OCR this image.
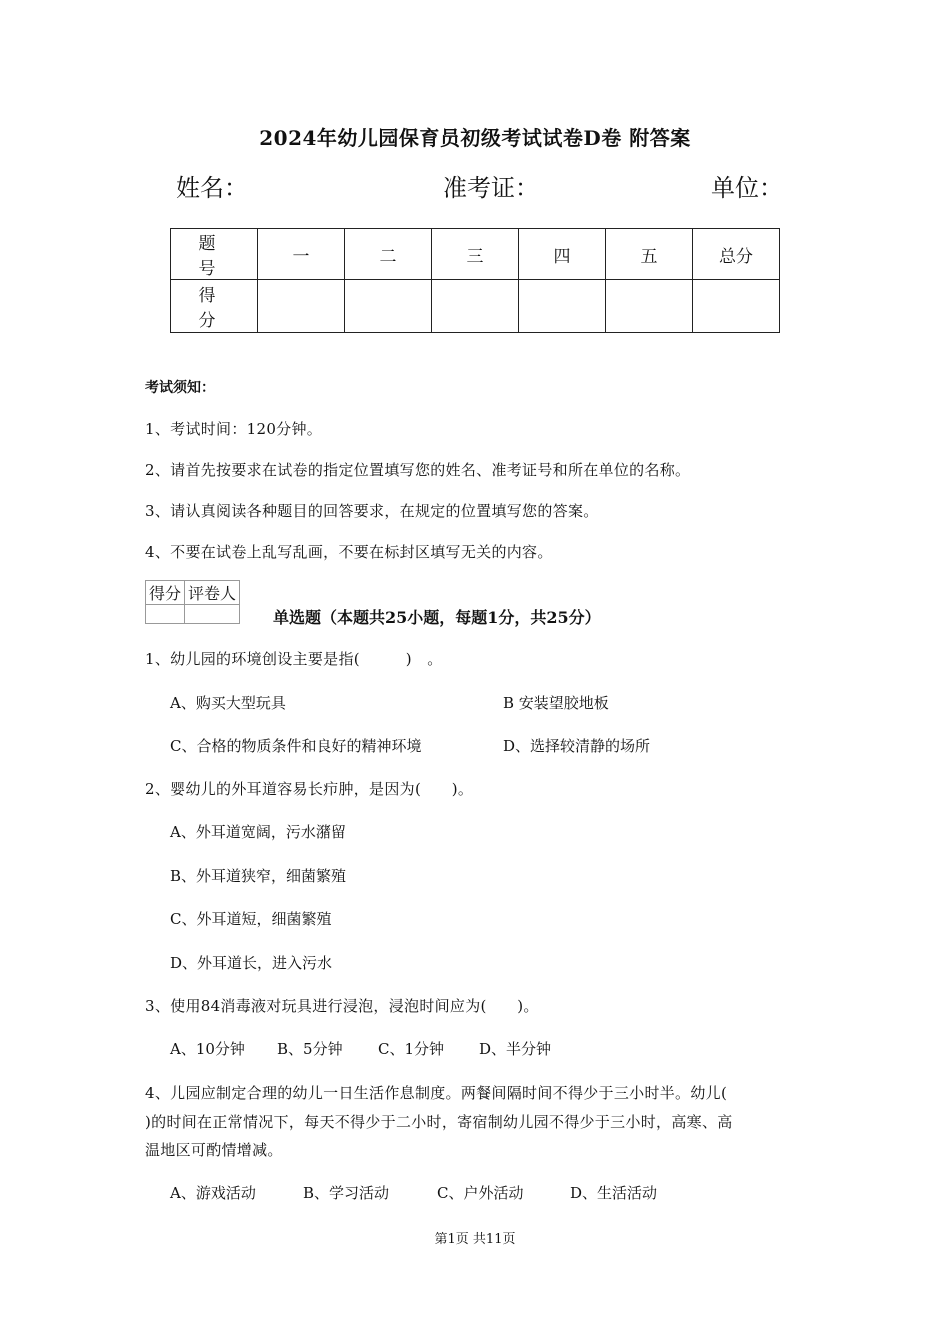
2024年幼儿园保育员初级考试试卷D卷 附答案
姓名：	准考证：	单位：
题　号	一	二	三	四	五	总分
得　分						
考试须知：
1、考试时间：120分钟。
2、请首先按要求在试卷的指定位置填写您的姓名、准考证号和所在单位的名称。
3、请认真阅读各种题目的回答要求，在规定的位置填写您的答案。
4、不要在试卷上乱写乱画，不要在标封区填写无关的内容。
得分	评卷人

单选题（本题共25小题，每题1分，共25分）
1、幼儿园的环境创设主要是指(　　　)　。
A、购买大型玩具	B 安装望胶地板
C、合格的物质条件和良好的精神环境	D、选择较清静的场所
2、婴幼儿的外耳道容易长疖肿，是因为(　　)。
A、外耳道宽阔，污水潴留
B、外耳道狭窄，细菌繁殖
C、外耳道短，细菌繁殖
D、外耳道长，进入污水
3、使用84消毒液对玩具进行浸泡，浸泡时间应为(　　)。
A、10分钟 B、5分钟 C、1分钟 D、半分钟
4、儿园应制定合理的幼儿一日生活作息制度。两餐间隔时间不得少于三小时半。幼儿(
)的时间在正常情况下，每天不得少于二小时，寄宿制幼儿园不得少于三小时，高寒、高
温地区可酌情增减。
A、游戏活动	B、学习活动	C、户外活动	D、生活活动
第1页 共11页
